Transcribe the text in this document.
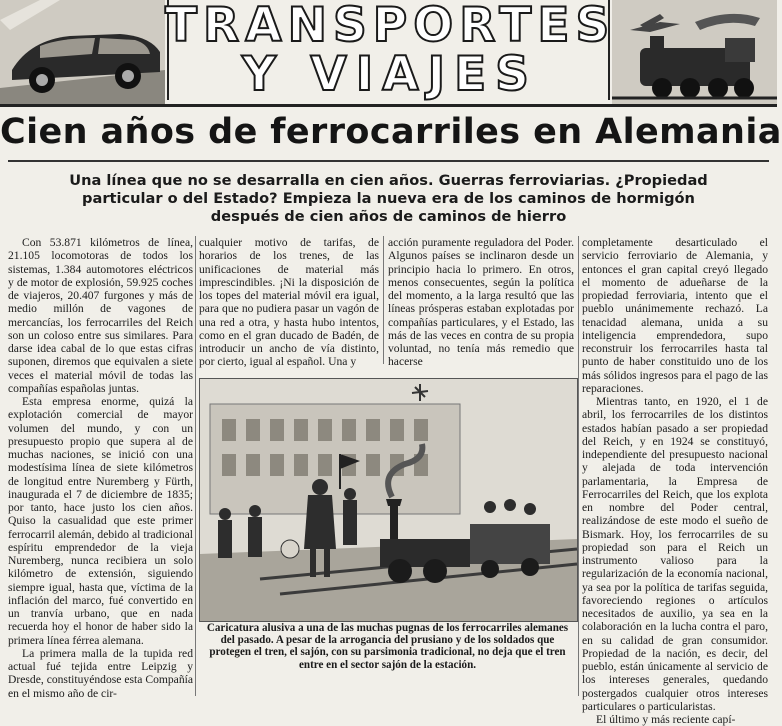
TRANSPORTES
Y VIAJES
Cien años de ferrocarriles en Alemania
Una línea que no se desarralla en cien años. Guerras ferroviarias. ¿Propiedad
particular o del Estado? Empieza la nueva era de los caminos de hormigón
después de cien años de caminos de hierro

Con 53.871 kilómetros de línea, 21.105 locomotoras de todos los sistemas, 1.384 automotores eléctricos y de motor de explosión, 59.925 coches de viajeros, 20.407 furgones y más de medio millón de vagones de mercancías, los ferrocarriles del Reich son un coloso entre sus similares. Para darse idea cabal de lo que estas cifras suponen, diremos que equivalen a siete veces el material móvil de todas las compañías españolas juntas.

Esta empresa enorme, quizá la explotación comercial de mayor volumen del mundo, y con un presupuesto propio que supera al de muchas naciones, se inició con una modestísima línea de siete kilómetros de longitud entre Nuremberg y Fürth, inaugurada el 7 de diciembre de 1835; por tanto, hace justo los cien años. Quiso la casualidad que este primer ferrocarril alemán, debido al tradicional espíritu emprendedor de la vieja Nuremberg, nunca recibiera un solo kilómetro de extensión, siguiendo siempre igual, hasta que, víctima de la inflación del marco, fué convertido en un tranvía urbano, que en nada recuerda hoy el honor de haber sido la primera línea férrea alemana.

La primera malla de la tupida red actual fué tejida entre Leipzig y Dresde, constituyéndose esta Compañía en el mismo año de cir-

cualquier motivo de tarifas, de horarios de los trenes, de las unificaciones de material más imprescindibles. ¡Ni la disposición de los topes del material móvil era igual, para que no pudiera pasar un vagón de una red a otra, y hasta hubo intentos, como en el gran ducado de Badén, de introducir un ancho de vía distinto, por cierto, igual al español. Una y

acción puramente reguladora del Poder. Algunos países se inclinaron desde un principio hacia lo primero. En otros, menos consecuentes, según la política del momento, a la larga resultó que las líneas prósperas estaban explotadas por compañías particulares, y el Estado, las más de las veces en contra de su propia voluntad, no tenía más remedio que hacerse

completamente desarticulado el servicio ferroviario de Alemania, y entonces el gran capital creyó llegado el momento de adueñarse de la propiedad ferroviaria, intento que el pueblo unánimemente rechazó. La tenacidad alemana, unida a su inteligencia emprendedora, supo reconstruir los ferrocarriles hasta tal punto de haber constituido uno de los más sólidos ingresos para el pago de las reparaciones.

Mientras tanto, en 1920, el 1 de abril, los ferrocarriles de los distintos estados habían pasado a ser propiedad del Reich, y en 1924 se constituyó, independiente del presupuesto nacional y alejada de toda intervención parlamentaria, la Empresa de Ferrocarriles del Reich, que los explota en nombre del Poder central, realizándose de este modo el sueño de Bismark. Hoy, los ferrocarriles de su propiedad son para el Reich un instrumento valioso para la regularización de la economía nacional, ya sea por la política de tarifas seguida, favoreciendo regiones o artículos necesitados de auxilio, ya sea en la colaboración en la lucha contra el paro, en su calidad de gran consumidor. Propiedad de la nación, es decir, del pueblo, están únicamente al servicio de los intereses generales, quedando postergados cualquier otros intereses particulares o particularistas.

El último y más reciente capí-

Caricatura alusiva a una de las muchas pugnas de los ferrocarriles alemanes del pasado. A pesar de la arrogancia del prusiano y de los soldados que protegen el tren, el sajón, con su parsimonia tradicional, no deja que el tren entre en el sector sajón de la estación.
